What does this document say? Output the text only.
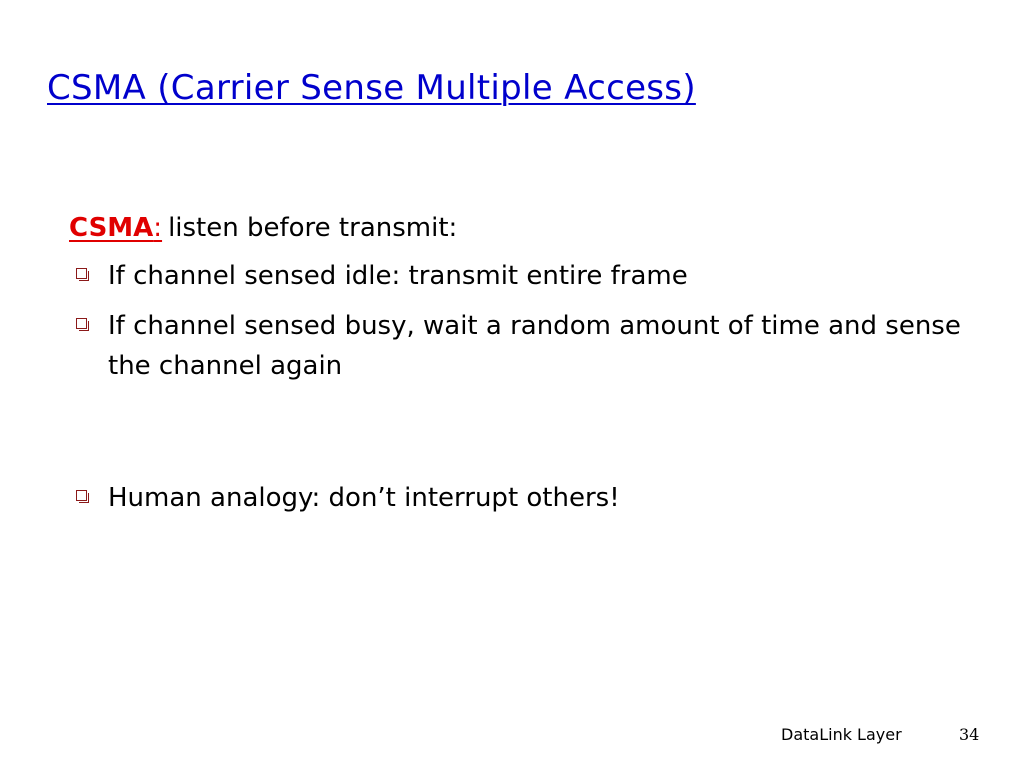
CSMA (Carrier Sense Multiple Access)
CSMA: listen before transmit:
If channel sensed idle: transmit entire frame
If channel sensed busy, wait a random amount of time and sense the channel again
Human analogy: don’t interrupt others!
DataLink Layer	34
